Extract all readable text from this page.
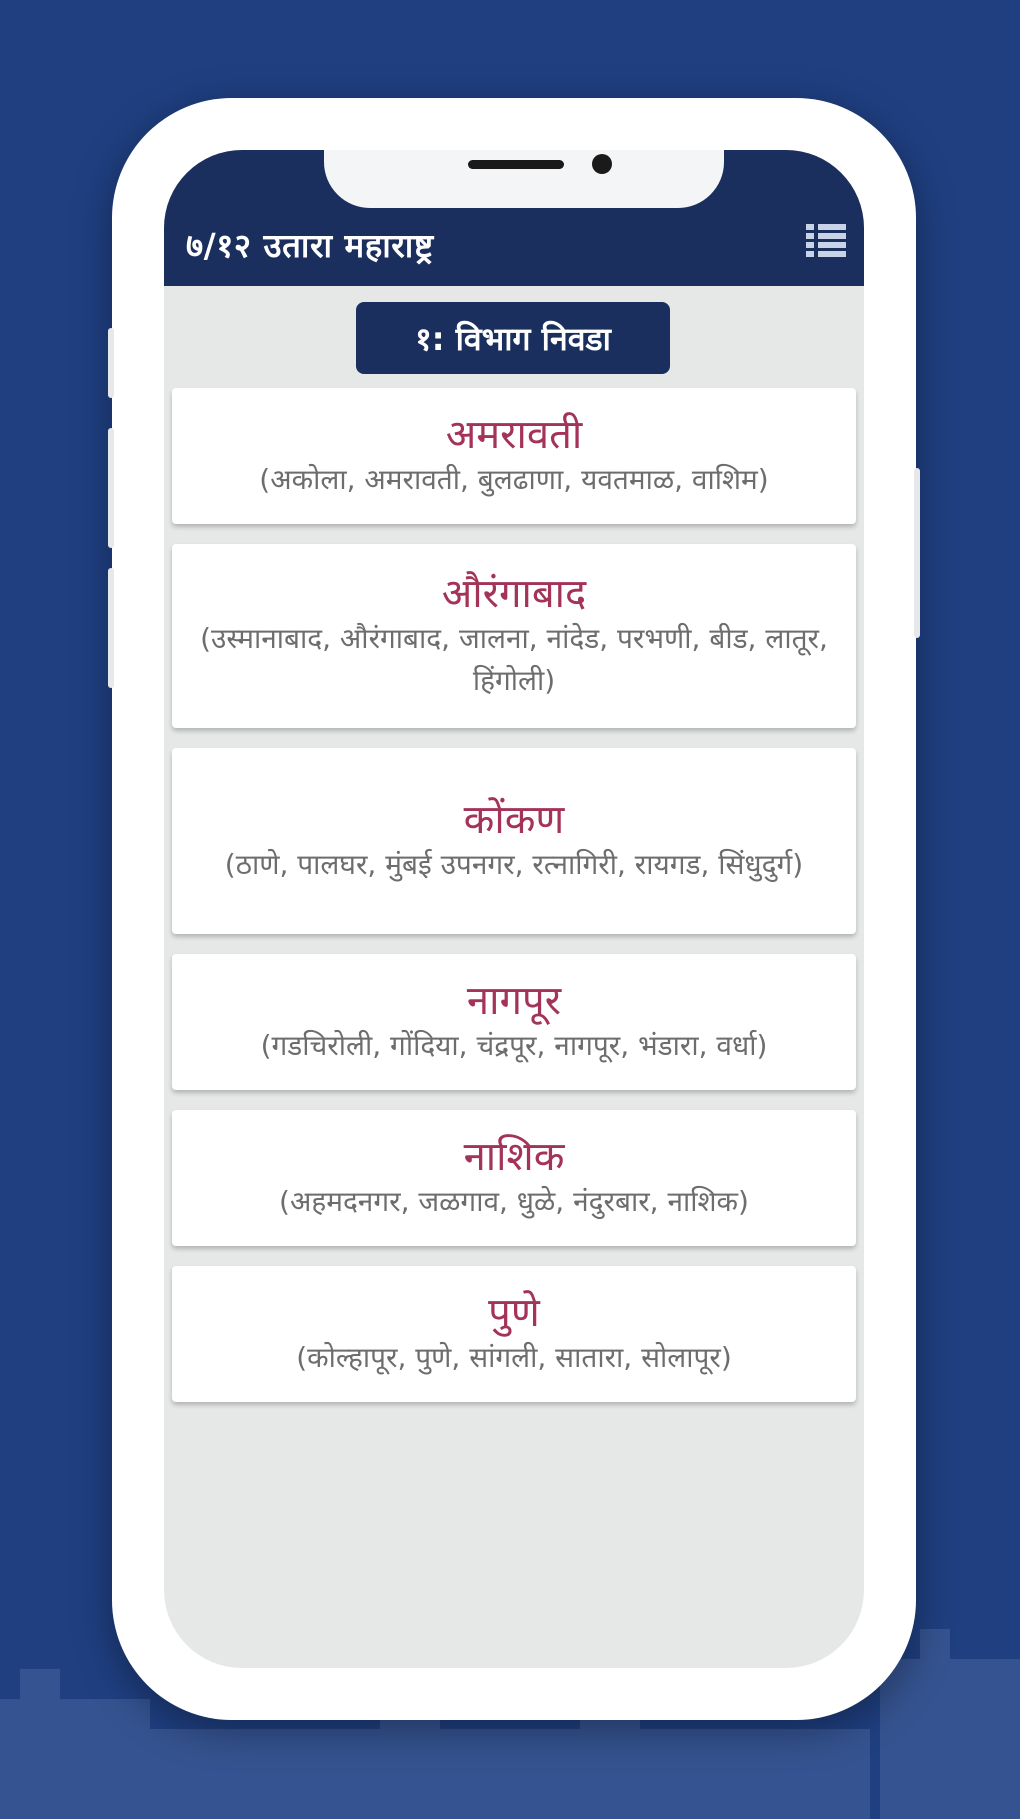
७/१२ उतारा महाराष्ट्र
१: विभाग निवडा
अमरावती
(अकोला, अमरावती, बुलढाणा, यवतमाळ, वाशिम)
औरंगाबाद
(उस्मानाबाद, औरंगाबाद, जालना, नांदेड, परभणी, बीड, लातूर, हिंगोली)
कोंकण
(ठाणे, पालघर, मुंबई उपनगर, रत्नागिरी, रायगड, सिंधुदुर्ग)
नागपूर
(गडचिरोली, गोंदिया, चंद्रपूर, नागपूर, भंडारा, वर्धा)
नाशिक
(अहमदनगर, जळगाव, धुळे, नंदुरबार, नाशिक)
पुणे
(कोल्हापूर, पुणे, सांगली, सातारा, सोलापूर)
